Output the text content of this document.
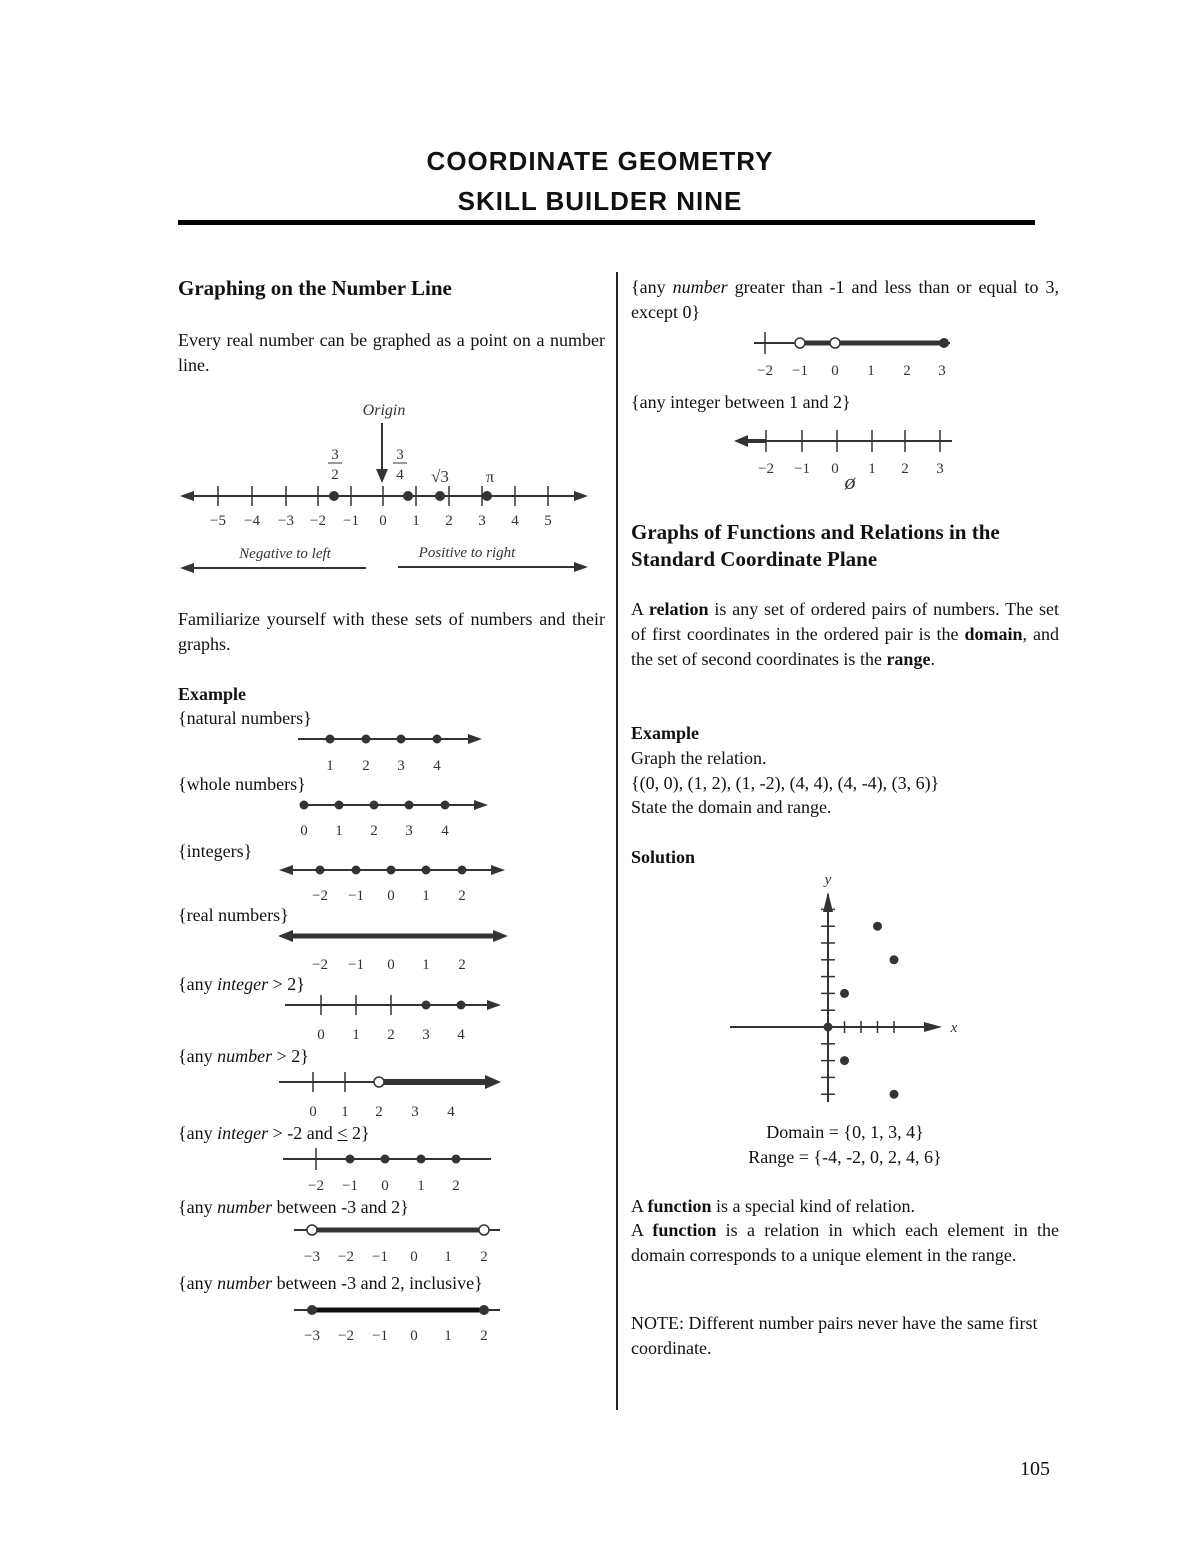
COORDINATE GEOMETRY
SKILL BUILDER NINE
Graphing on the Number Line
Every real number can be graphed as a point on a number line.
Origin
3
2
3
4 √3 π
−5 −4 −3 −2 −1 0 1 2 3 4 5
Negative to left	Positive to right
Familiarize yourself with these sets of numbers and their graphs.
Example
{natural numbers}
1 2 3 4
{whole numbers}
0 1 2 3 4
{integers}
−2 −1 0 1 2
{real numbers}
−2 −1 0 1 2
{any integer > 2}
0 1 2 3 4
{any number > 2}
0 1 2 3 4
{any integer > -2 and < 2}
−2 −1 0 1 2
{any number between -3 and 2}
−3 −2 −1 0 1 2
{any number between -3 and 2, inclusive}
−3 −2 −1 0 1 2
{any number greater than -1 and less than or equal to 3, except 0}
−2 −1 0 1 2 3
{any integer between 1 and 2}
−2 −1 0 1 2 3
ø
Graphs of Functions and Relations in the Standard Coordinate Plane
A relation is any set of ordered pairs of numbers. The set of first coordinates in the ordered pair is the domain, and the set of second coordinates is the range.
Example
Graph the relation.
{(0, 0), (1, 2), (1, -2), (4, 4), (4, -4), (3, 6)}
State the domain and range.
Solution
y
x
Domain = {0, 1, 3, 4}
Range = {-4, -2, 0, 2, 4, 6}
A function is a special kind of relation.
A function is a relation in which each element in the domain corresponds to a unique element in the range.
NOTE: Different number pairs never have the same first coordinate.
105
